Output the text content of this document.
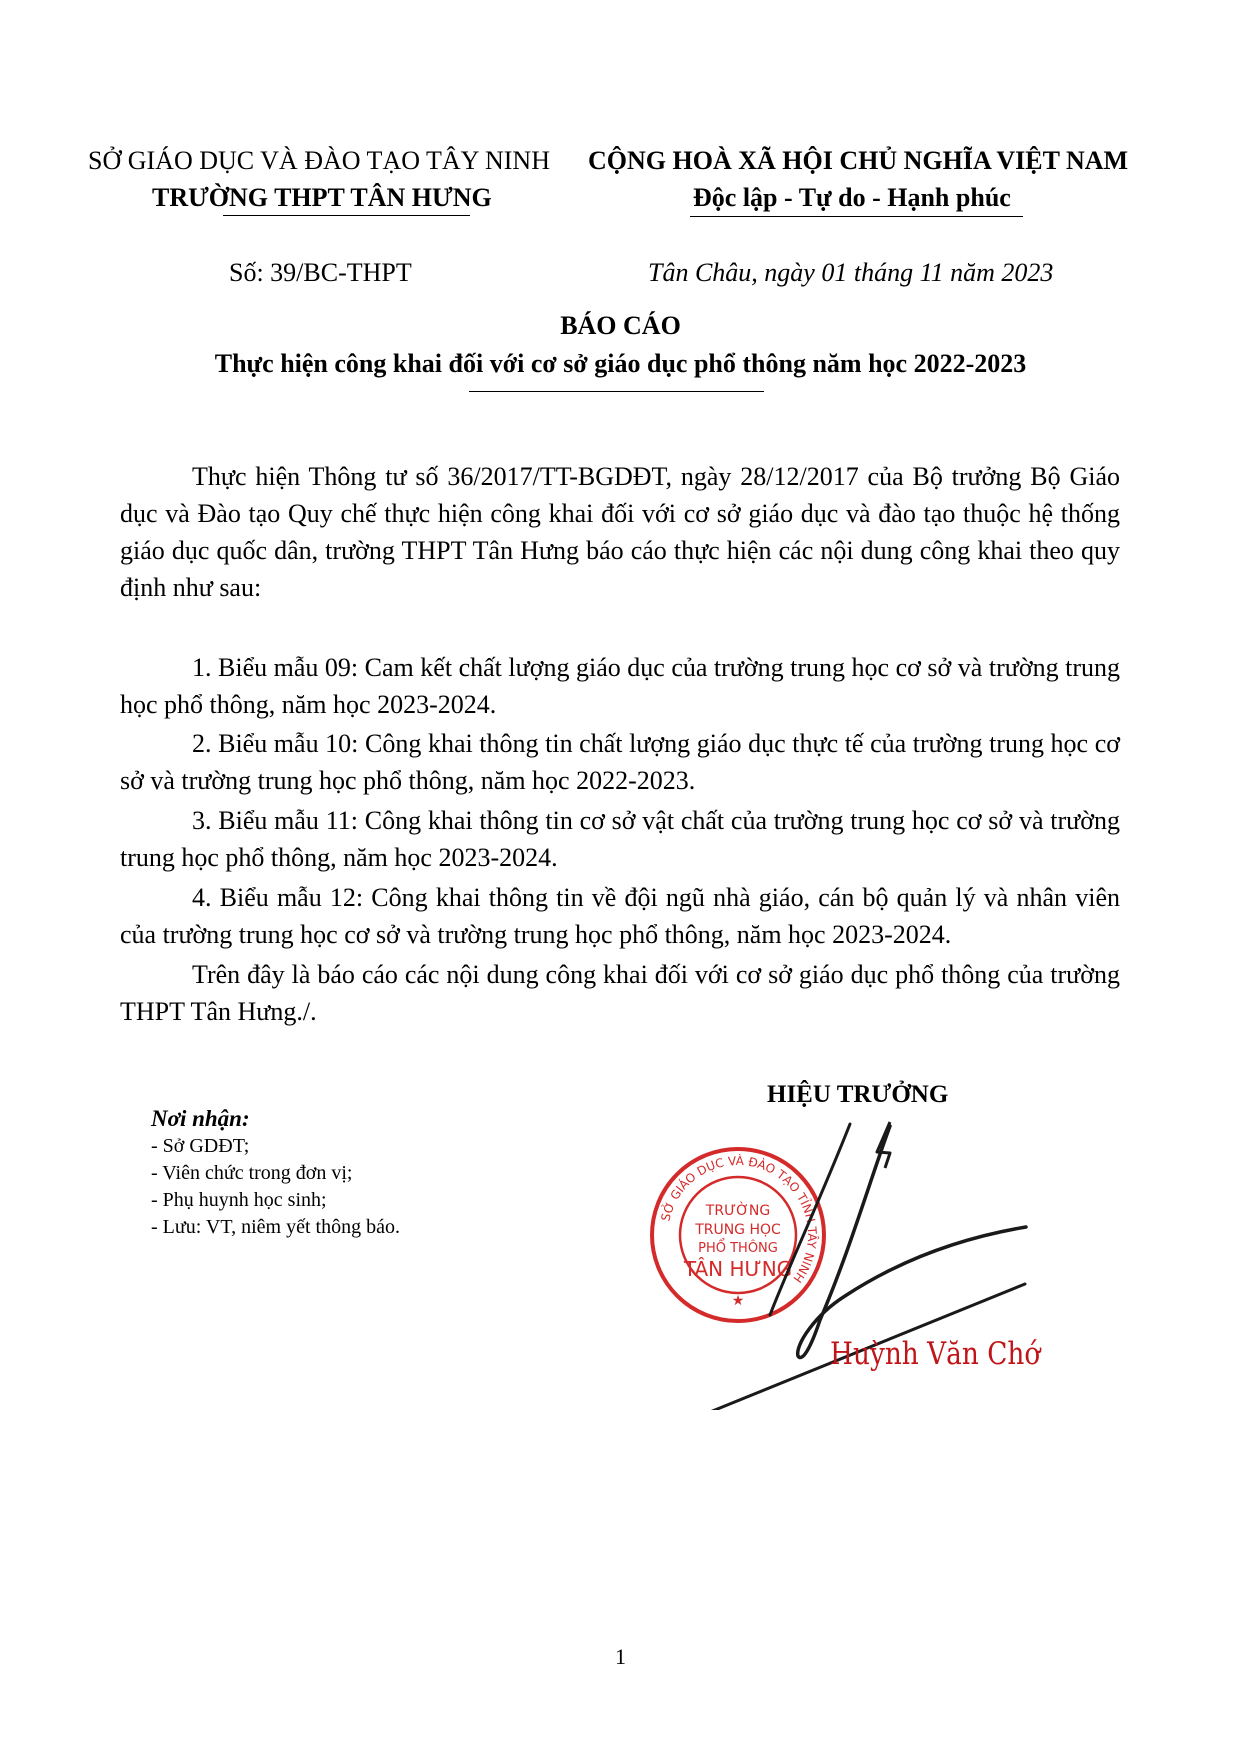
SỞ GIÁO DỤC VÀ ĐÀO TẠO TÂY NINH
TRƯỜNG THPT TÂN HƯNG
CỘNG HOÀ XÃ HỘI CHỦ NGHĨA VIỆT NAM
Độc lập - Tự do - Hạnh phúc
Số: 39/BC-THPT	Tân Châu, ngày 01 tháng 11 năm 2023
BÁO CÁO
Thực hiện công khai đối với cơ sở giáo dục phổ thông năm học 2022-2023
Thực hiện Thông tư số 36/2017/TT-BGDĐT, ngày 28/12/2017 của Bộ trưởng Bộ Giáo dục và Đào tạo Quy chế thực hiện công khai đối với cơ sở giáo dục và đào tạo thuộc hệ thống giáo dục quốc dân, trường THPT Tân Hưng báo cáo thực hiện các nội dung công khai theo quy định như sau:
1. Biểu mẫu 09: Cam kết chất lượng giáo dục của trường trung học cơ sở và trường trung học phổ thông, năm học 2023-2024.
2. Biểu mẫu 10: Công khai thông tin chất lượng giáo dục thực tế của trường trung học cơ sở và trường trung học phổ thông, năm học 2022-2023.
3. Biểu mẫu 11: Công khai thông tin cơ sở vật chất của trường trung học cơ sở và trường trung học phổ thông, năm học 2023-2024.
4. Biểu mẫu 12: Công khai thông tin về đội ngũ nhà giáo, cán bộ quản lý và nhân viên của trường trung học cơ sở và trường trung học phổ thông, năm học 2023-2024.
Trên đây là báo cáo các nội dung công khai đối với cơ sở giáo dục phổ thông của trường THPT Tân Hưng./.
Nơi nhận:
- Sở GDĐT;
- Viên chức trong đơn vị;
- Phụ huynh học sinh;
- Lưu: VT, niêm yết thông báo.
HIỆU TRƯỞNG
SỞ GIÁO DỤC VÀ ĐÀO TẠO TỈNH TÂY NINH
TRƯỜNG
TRUNG HỌC
PHỔ THÔNG
TÂN HƯNG
★
Huỳnh Văn Chớ
1
